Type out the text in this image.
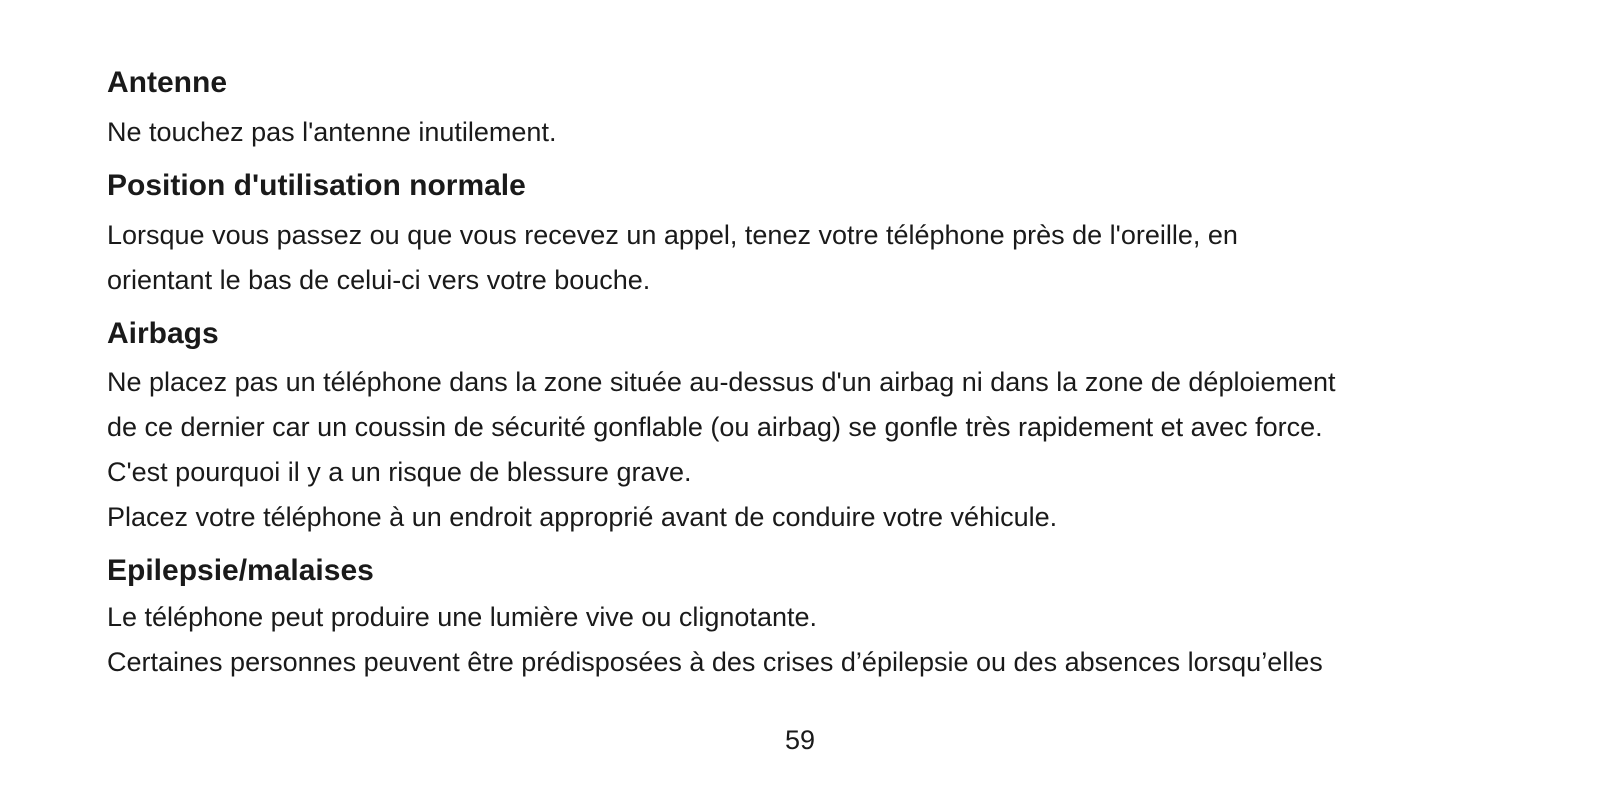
Antenne

Ne touchez pas l'antenne inutilement.

Position d'utilisation normale

Lorsque vous passez ou que vous recevez un appel, tenez votre téléphone près de l'oreille, en

orientant le bas de celui-ci vers votre bouche.

Airbags

Ne placez pas un téléphone dans la zone située au-dessus d'un airbag ni dans la zone de déploiement

de ce dernier car un coussin de sécurité gonflable (ou airbag) se gonfle très rapidement et avec force.

C'est pourquoi il y a un risque de blessure grave.

Placez votre téléphone à un endroit approprié avant de conduire votre véhicule.

Epilepsie/malaises

Le téléphone peut produire une lumière vive ou clignotante.

Certaines personnes peuvent être prédisposées à des crises d’épilepsie ou des absences lorsqu’elles

59
